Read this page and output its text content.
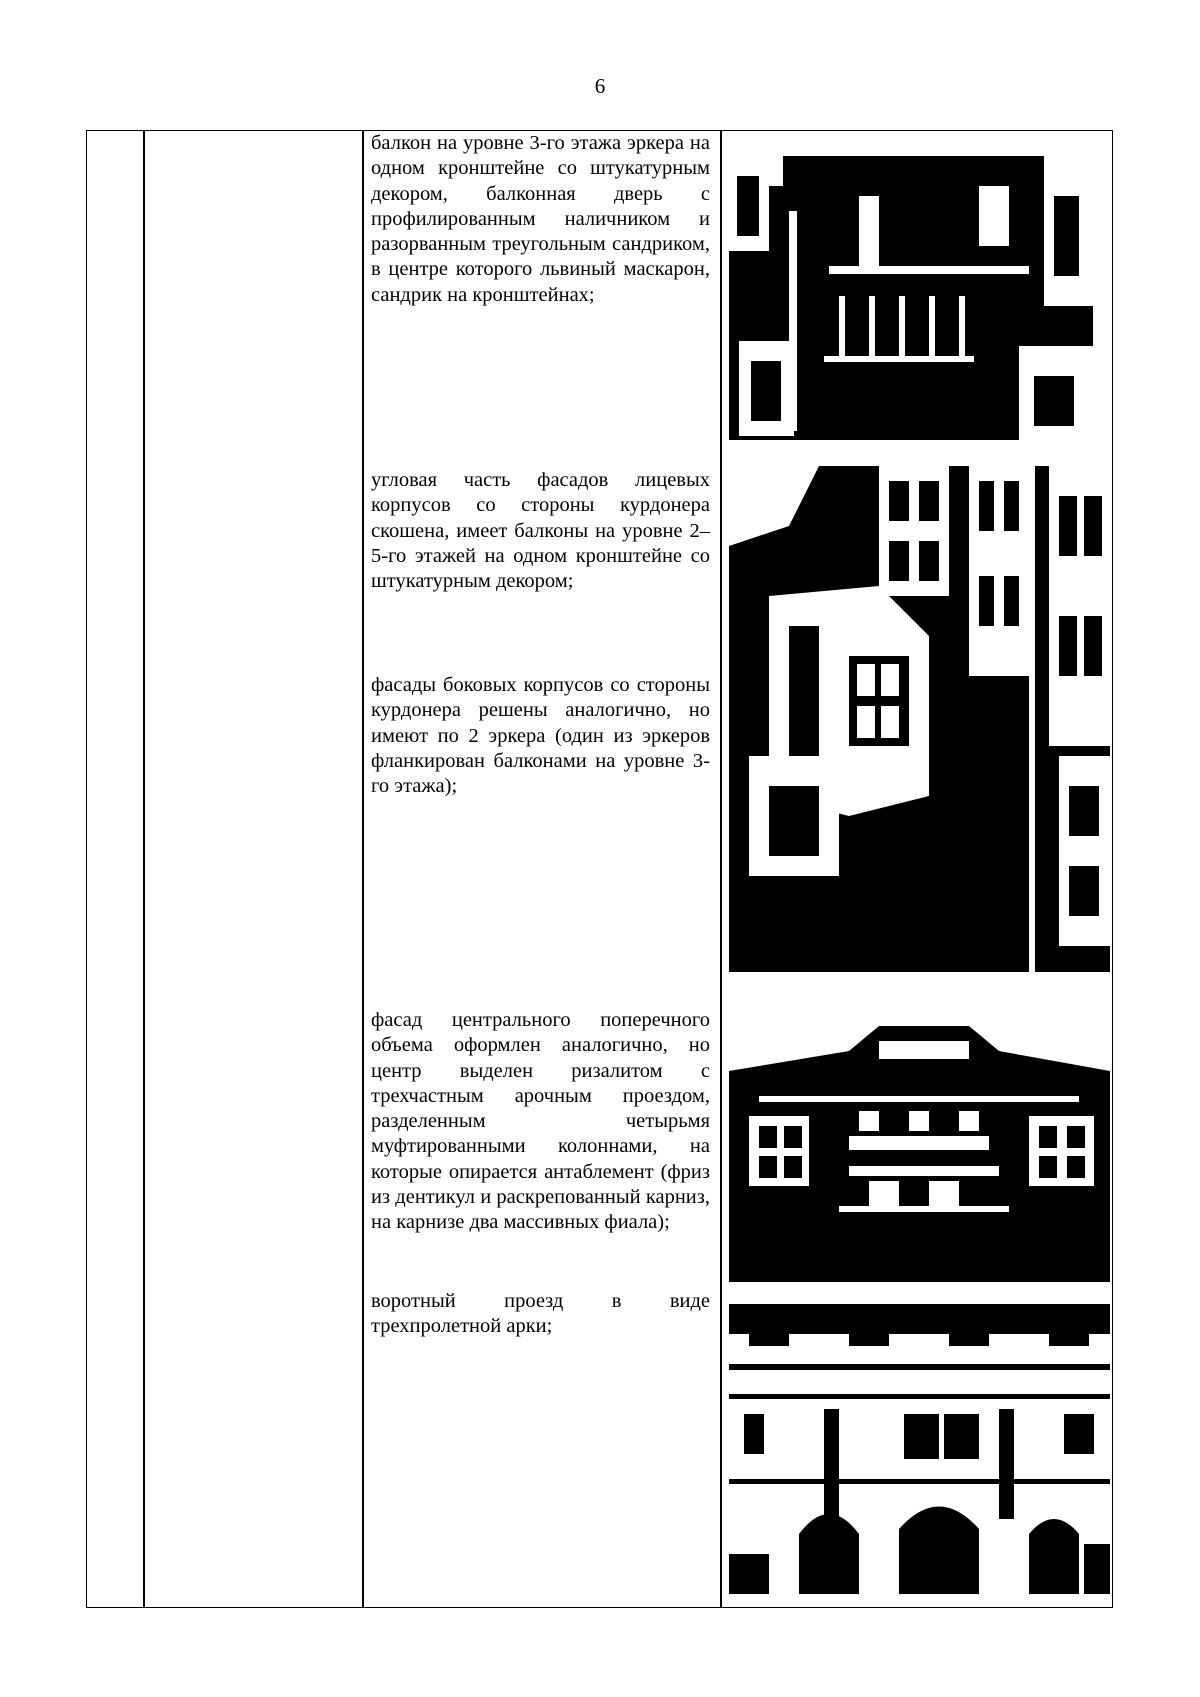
6
балкон на уровне 3-го этажа эркера на одном кронштейне со штукатурным декором, балконная дверь с профилированным наличником и разорванным треугольным сандриком, в центре которого львиный маскарон, сандрик на кронштейнах;
угловая часть фасадов лицевых корпусов со стороны курдонера скошена, имеет балконы на уровне 2–5-го этажей на одном кронштейне со штукатурным декором;
фасады боковых корпусов со стороны курдонера решены аналогично, но имеют по 2 эркера (один из эркеров фланкирован балконами на уровне 3-го этажа);
фасад центрального поперечного объема оформлен аналогично, но центр выделен ризалитом с трехчастным арочным проездом, разделенным четырьмя муфтированными колоннами, на которые опирается антаблемент (фриз из дентикул и раскрепованный карниз, на карнизе два массивных фиала);
воротный проезд в виде трехпролетной арки;
